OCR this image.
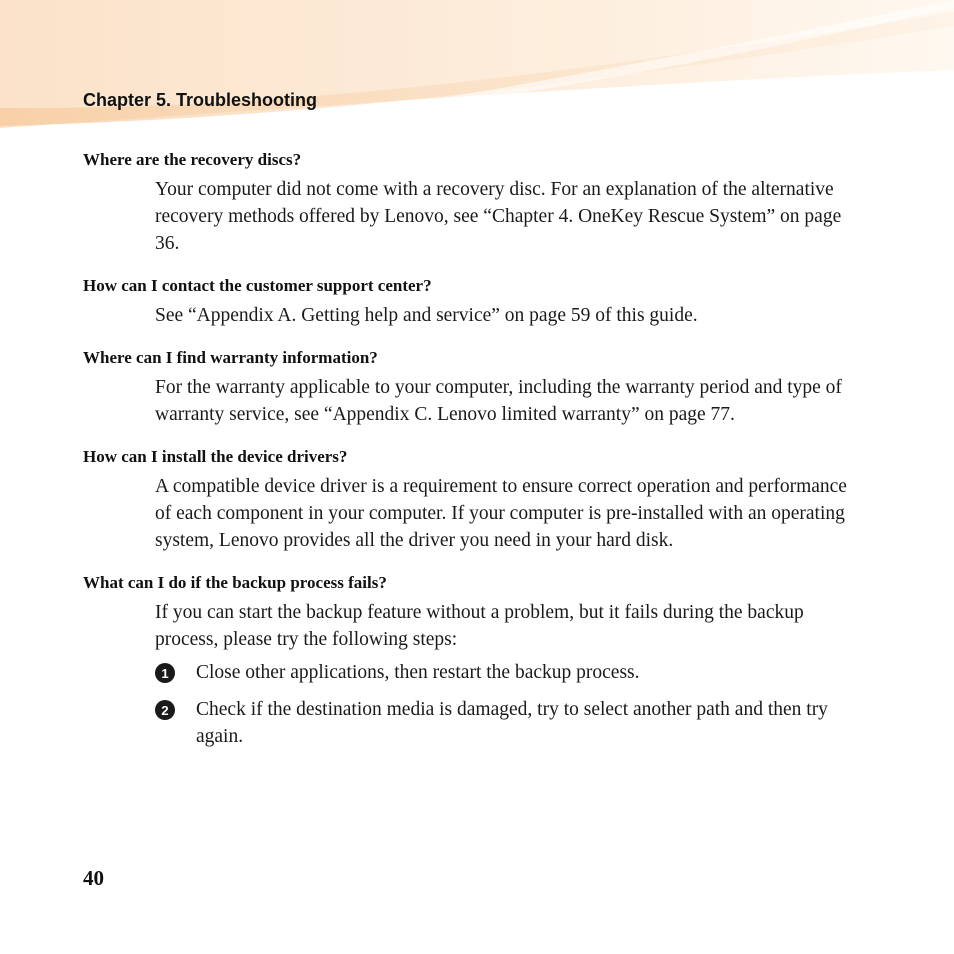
Chapter 5. Troubleshooting
Where are the recovery discs?
Your computer did not come with a recovery disc. For an explanation of the alternative recovery methods offered by Lenovo, see “Chapter 4. OneKey Rescue System” on page 36.
How can I contact the customer support center?
See “Appendix A. Getting help and service” on page 59 of this guide.
Where can I find warranty information?
For the warranty applicable to your computer, including the warranty period and type of warranty service, see “Appendix C. Lenovo limited warranty” on page 77.
How can I install the device drivers?
A compatible device driver is a requirement to ensure correct operation and performance of each component in your computer. If your computer is pre-installed with an operating system, Lenovo provides all the driver you need in your hard disk.
What can I do if the backup process fails?
If you can start the backup feature without a problem, but it fails during the backup process, please try the following steps:
1	Close other applications, then restart the backup process.
2	Check if the destination media is damaged, try to select another path and then try again.
40
